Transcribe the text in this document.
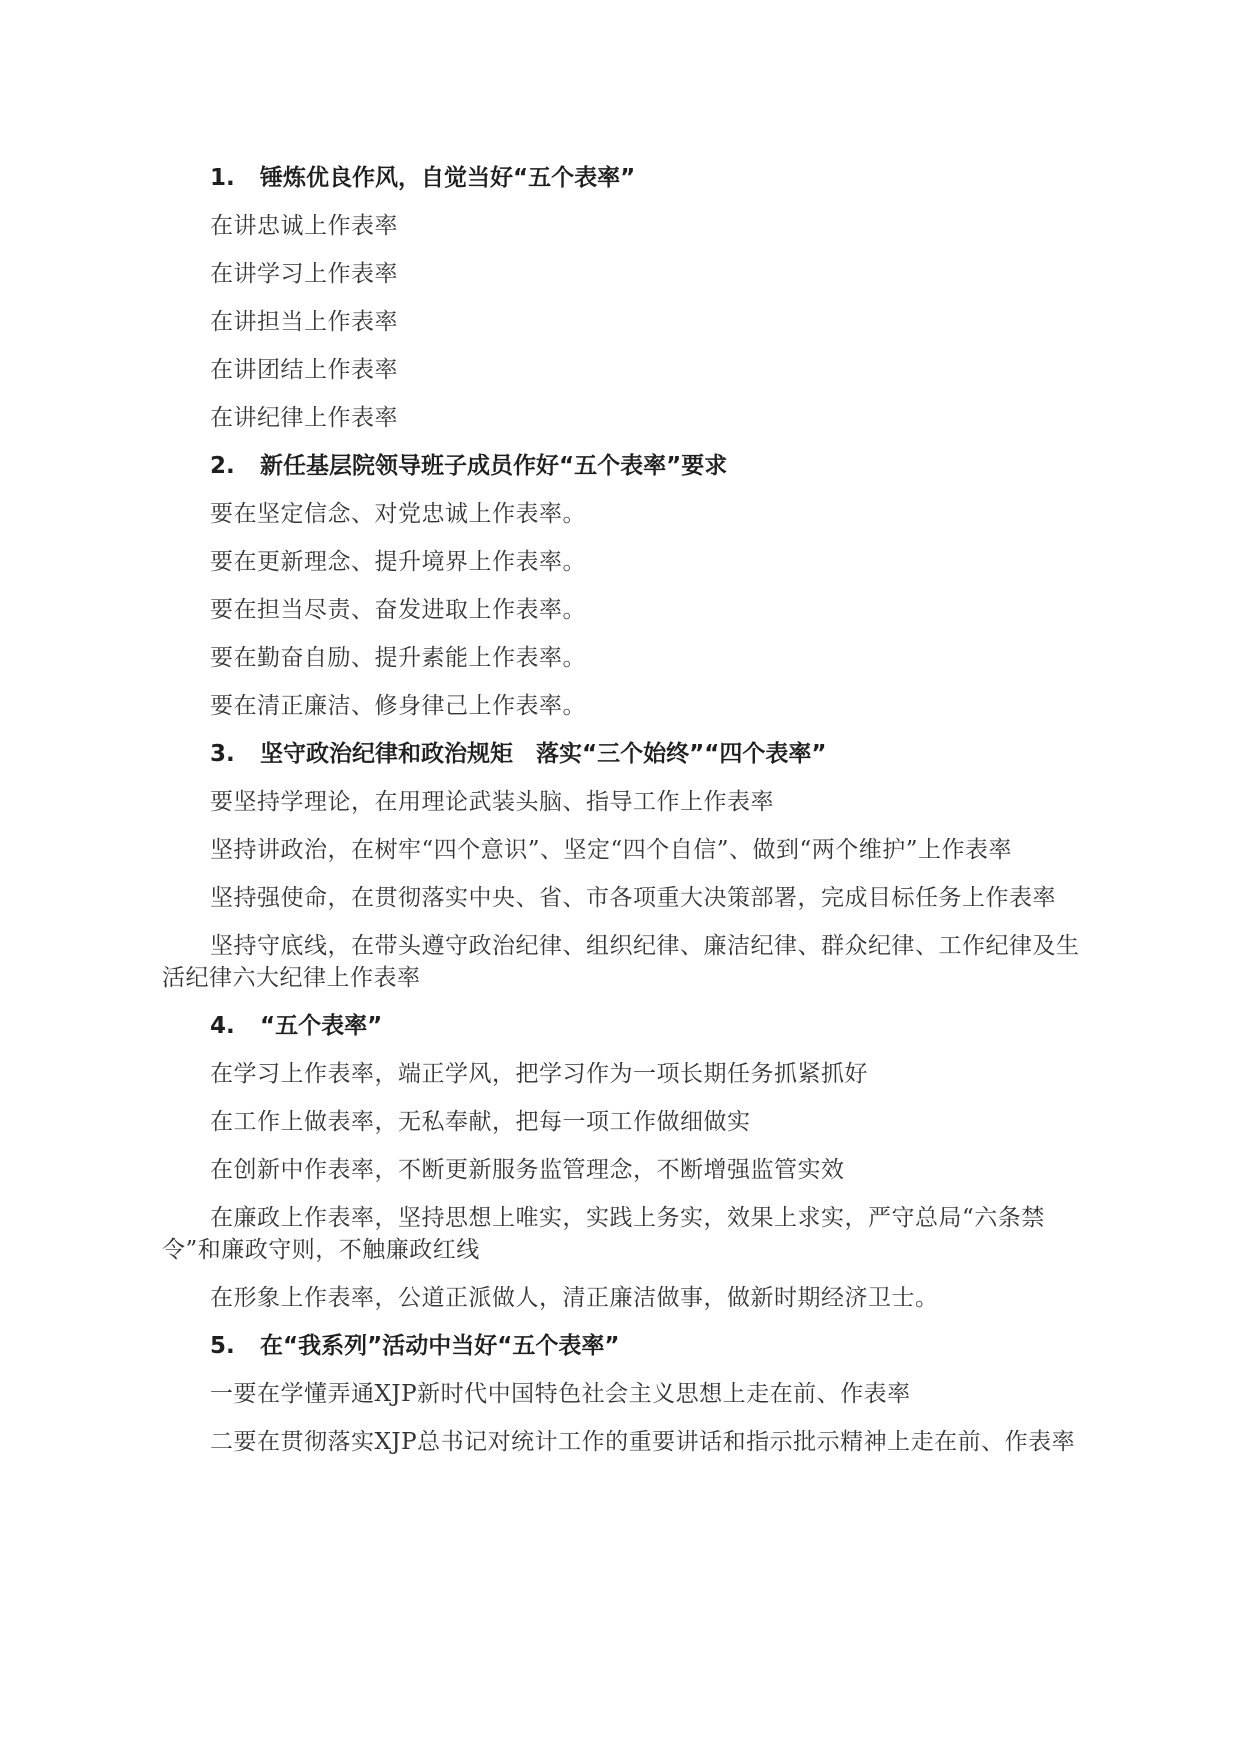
1. 锤炼优良作风，自觉当好“五个表率”
在讲忠诚上作表率
在讲学习上作表率
在讲担当上作表率
在讲团结上作表率
在讲纪律上作表率
2. 新任基层院领导班子成员作好“五个表率”要求
要在坚定信念、对党忠诚上作表率。
要在更新理念、提升境界上作表率。
要在担当尽责、奋发进取上作表率。
要在勤奋自励、提升素能上作表率。
要在清正廉洁、修身律己上作表率。
3. 坚守政治纪律和政治规矩　落实“三个始终”“四个表率”
要坚持学理论，在用理论武装头脑、指导工作上作表率
坚持讲政治，在树牢“四个意识”、坚定“四个自信”、做到“两个维护”上作表率
坚持强使命，在贯彻落实中央、省、市各项重大决策部署，完成目标任务上作表率
坚持守底线，在带头遵守政治纪律、组织纪律、廉洁纪律、群众纪律、工作纪律及生活纪律六大纪律上作表率
4. “五个表率”
在学习上作表率，端正学风，把学习作为一项长期任务抓紧抓好
在工作上做表率，无私奉献，把每一项工作做细做实
在创新中作表率，不断更新服务监管理念，不断增强监管实效
在廉政上作表率，坚持思想上唯实，实践上务实，效果上求实，严守总局“六条禁令”和廉政守则，不触廉政红线
在形象上作表率，公道正派做人，清正廉洁做事，做新时期经济卫士。
5. 在“我系列”活动中当好“五个表率”
一要在学懂弄通XJP新时代中国特色社会主义思想上走在前、作表率
二要在贯彻落实XJP总书记对统计工作的重要讲话和指示批示精神上走在前、作表率
